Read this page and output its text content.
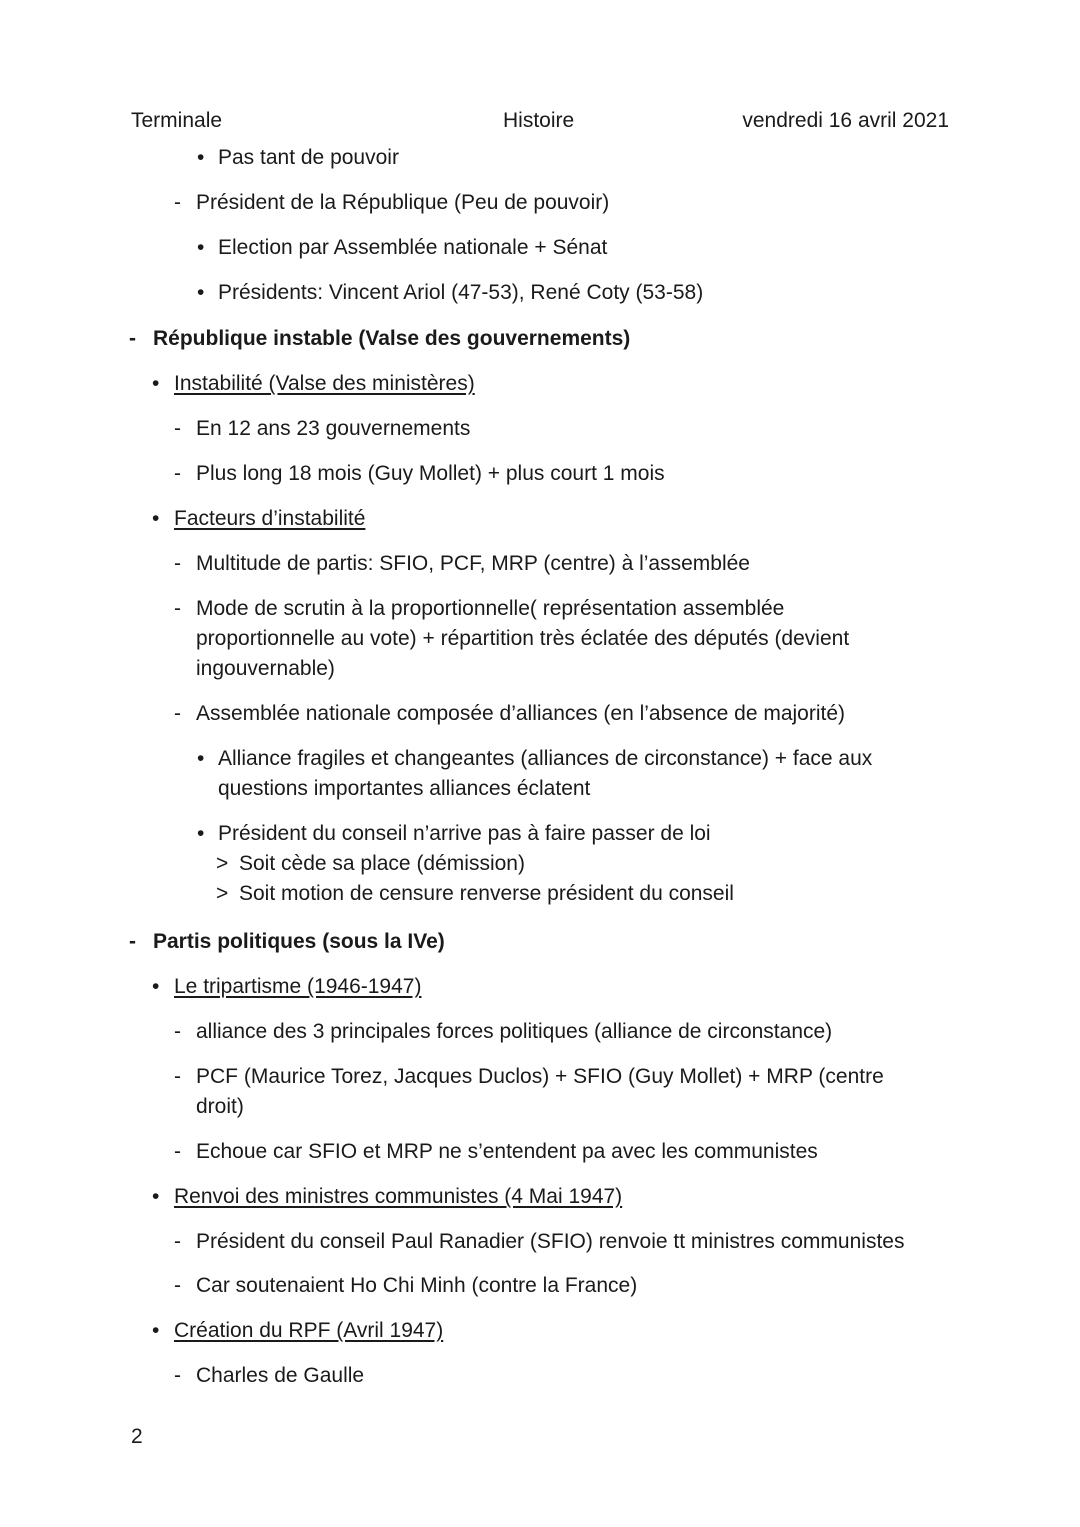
Terminale	Histoire	vendredi 16 avril 2021
• Pas tant de pouvoir
- Président de la République (Peu de pouvoir)
• Election par Assemblée nationale + Sénat
• Présidents: Vincent Ariol (47-53), René Coty (53-58)
- République instable (Valse des gouvernements)
• Instabilité (Valse des ministères)
- En 12 ans 23 gouvernements
- Plus long 18 mois (Guy Mollet) + plus court 1 mois
• Facteurs d’instabilité
- Multitude de partis: SFIO, PCF, MRP (centre) à l’assemblée
- Mode de scrutin à la proportionnelle( représentation assemblée proportionnelle au vote) + répartition très éclatée des députés (devient ingouvernable)
- Assemblée nationale composée d’alliances (en l’absence de majorité)
• Alliance fragiles et changeantes (alliances de circonstance) + face aux questions importantes alliances éclatent
• Président du conseil n’arrive pas à faire passer de loi
> Soit cède sa place (démission)
> Soit motion de censure renverse président du conseil
- Partis politiques (sous la IVe)
• Le tripartisme (1946-1947)
- alliance des 3 principales forces politiques (alliance de circonstance)
- PCF (Maurice Torez, Jacques Duclos) + SFIO (Guy Mollet) + MRP (centre droit)
- Echoue car SFIO et MRP ne s’entendent pa avec les communistes
• Renvoi des ministres communistes (4 Mai 1947)
- Président du conseil Paul Ranadier (SFIO) renvoie tt ministres communistes
- Car soutenaient Ho Chi Minh (contre la France)
• Création du RPF (Avril 1947)
- Charles de Gaulle
2
